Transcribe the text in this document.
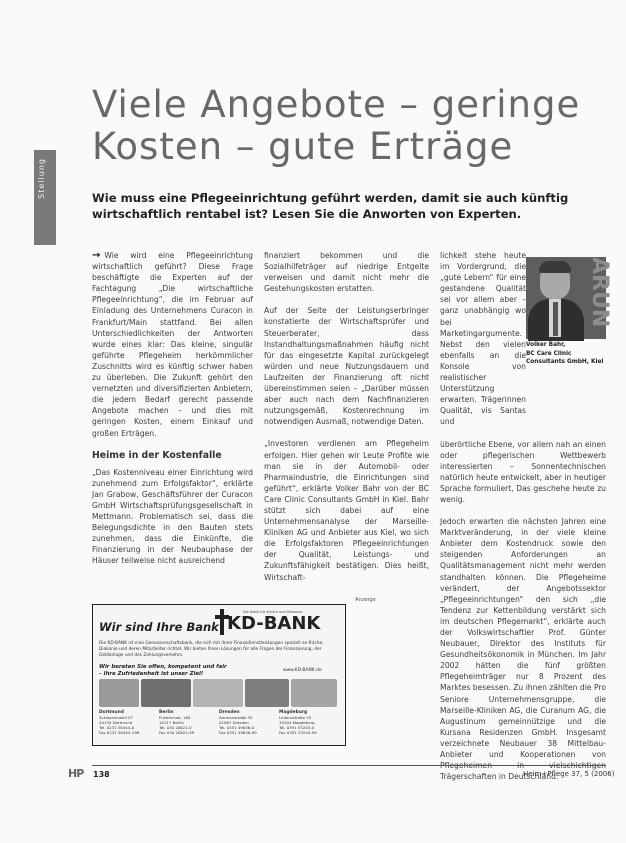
Stellung
Viele Angebote – geringe
Kosten – gute Erträge
Wie muss eine Pflegeeinrichtung geführt werden, damit sie auch künftig wirtschaftlich rentabel ist? Lesen Sie die Anworten von Experten.

→ Wie wird eine Pflegeeinrichtung wirtschaftlich geführt? Diese Frage beschäftigte die Experten auf der Fachtagung „Die wirtschaftliche Pflegeeinrichtung“, die im Februar auf Einladung des Unternehmens Curacon in Frankfurt/Main stattfand. Bei allen Unterschiedlichkeiten der Antworten wurde eines klar: Das kleine, singulär geführte Pflegeheim herkömmlicher Zuschnitts wird es künftig schwer haben zu überleben. Die Zukunft gehört den vernetzten und diversifizierten Anbietern, die jedem Bedarf gerecht passende Angebote machen – und dies mit geringen Kosten, einem Einkauf und großen Erträgen.

Heime in der Kostenfalle

„Das Kostenniveau einer Einrichtung wird zunehmend zum Erfolgsfaktor“, erklärte Jan Grabow, Geschäftsführer der Curacon GmbH Wirtschaftsprüfungsgesellschaft in Mettmann. Problematisch sei, dass die Belegungsdichte in den Bauten stets zunehmen, dass die Einkünfte, die Finanzierung in der Neubauphase der Häuser teilweise nicht ausreichend

finanziert bekommen und die Sozialhilfeträger auf niedrige Entgelte verweisen und damit nicht mehr die Gestehungskosten erstatten.

Auf der Seite der Leistungserbringer konstatierte der Wirtschaftsprüfer und Steuerberater, dass Instandhaltungsmaßnahmen häufig nicht für das eingesetzte Kapital zurückgelegt würden und neue Nutzungsdauern und Laufzeiten der Finanzierung oft nicht übereinstimmen seien – „Darüber müssen aber auch nach dem Nachfinanzieren nutzungsgemäß, Kostenrechnung im notwendigen Ausmaß, notwendige Daten.

„Investoren verdienen am Pflegeheim erfolgen. Hier gehen wir Leute Profite wie man sie in der Automobil- oder Pharmaindustrie, die Einrichtungen sind geführt“, erklärte Volker Bahr von der BC Care Clinic Consultants GmbH in Kiel. Bahr stützt sich dabei auf eine Unternehmensanalyse der Marseille-Kliniken AG und Anbieter aus Kiel, wo sich die Erfolgsfaktoren Pflegeeinrichtungen der Qualität, Leistungs- und Zukunftsfähigkeit bestätigen. Dies heißt, Wirtschaft-

lichkeit stehe heute im Vordergrund, die „gute Lebern“ für eine gestandene Qualität sei vor allem aber – ganz unabhängig wo bei Marketingargumente. Nebst den vielen ebenfalls an die Konsole von realistischer Unterstützung erwarten. Trägerinnen Qualität, vis Santas und

überörtliche Ebene, vor allem nah an einen oder pflegerischen Wettbewerb interessierten – Sonnentechnischen natürlich heute entwickelt, aber in heutiger Sprache formuliert, Das geschehe heute zu wenig.

Jedoch erwarten die nächsten Jahren eine Marktveränderung, in der viele kleine Anbieter dem Kostendruck sowie den steigenden Anforderungen an Qualitätsmanagement nicht mehr werden standhalten können. Die Pflegeheime verändert, der Angebotssektor „Pflegeeinrichtungen“ den sich „die Tendenz zur Kettenbildung verstärkt sich im deutschen Pflegemarkt“, erklärte auch der Volkswirtschaftler Prof. Günter Neubauer, Direktor des Instituts für Gesundheitsökonomik in München. Im Jahr 2002 hätten die fünf größten Pflegeheimträger nur 8 Prozent des Marktes besessen. Zu ihnen zählten die Pro Seniore Unternehmensgruppe, die Marseille-Kliniken AG, die Curanum AG, die Augustinum gemeinnützige und die Kursana Residenzen GmbH. Insgesamt verzeichnete Neubauer 38 Mittelbau-Anbieter und Kooperationen von Pflegeheimen in vielschichtigen Trägerschaften in Deutschland.

ARUN
Volker Bahr,
BC Care Clinic
Consultants GmbH, Kiel
Anzeige
Wir sind Ihre Bank
Die Bank für Kirche und Diakonie
KD-BANK
Die KD-BANK ist eine Genossenschaftsbank, die sich mit ihren Finanzdienstleistungen speziell an Kirche, Diakonie und deren Mitarbeiter richtet. Wir bieten Ihnen Lösungen für alle Fragen der Finanzierung, der Geldanlage und des Zahlungsverkehrs.
Wir beraten Sie offen, kompetent und fair – Ihre Zufriedenheit ist unser Ziel!
www.KD-BANK.de
Dortmund
Schwanenwall 27
44135 Dortmund
Tel. 0231 58444-0
Fax 0231 58444-196
Berlin
Friedrichstr. 180
10117 Berlin
Tel. 030 20622-0
Fax 030 20622-99
Dresden
Ammonstraße 35
01067 Dresden
Tel. 0351 49636-0
Fax 0351 49636-99
Magdeburg
Leibnizstraße 55
39104 Magdeburg
Tel. 0391 53245-0
Fax 0391 53245-99
HP	138	Heim+Pflege 37, 5 (2006)
